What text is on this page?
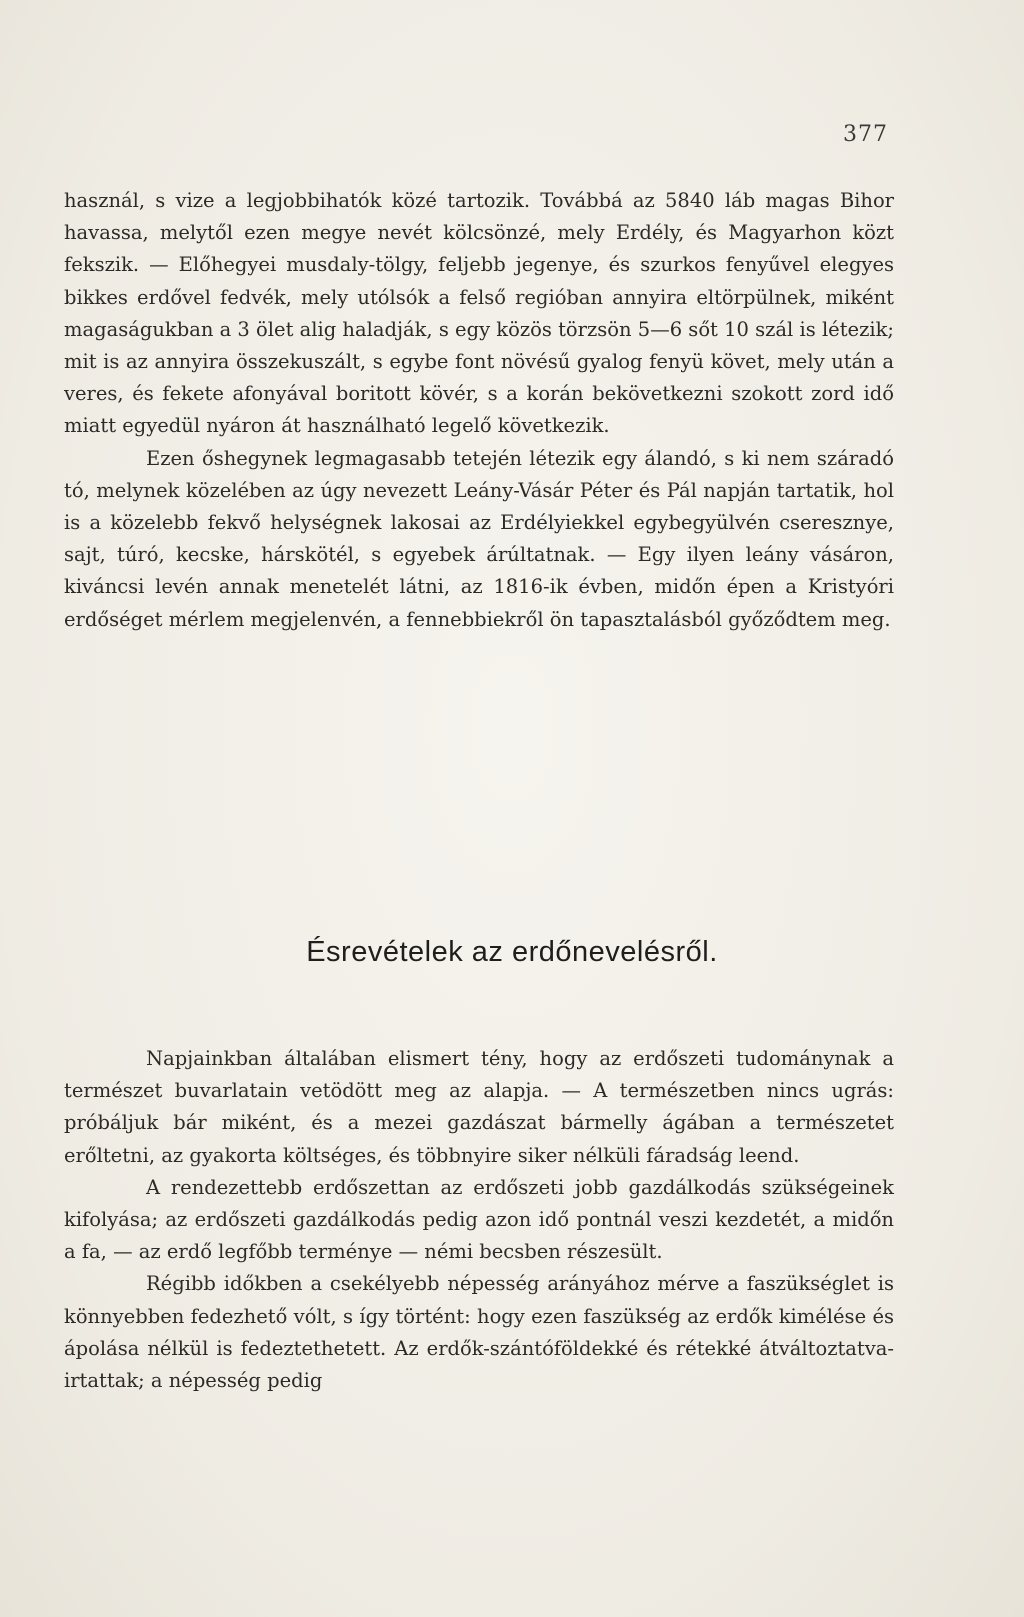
377

használ, s vize a legjobbihatók közé tartozik. Továbbá az 5840 láb magas Bihor havassa, melytől ezen megye nevét kölcsönzé, mely Erdély, és Magyarhon közt fekszik. — Előhegyei musdaly-tölgy, feljebb jegenye, és szurkos fenyűvel elegyes bikkes erdővel fedvék, mely utólsók a felső regióban annyira eltörpülnek, miként magaságukban a 3 ölet alig haladják, s egy közös törzsön 5—6 sőt 10 szál is létezik; mit is az annyira összekuszált, s egybe font növésű gyalog fenyü követ, mely után a veres, és fekete afonyával boritott kövér, s a korán bekövetkezni szokott zord idő miatt egyedül nyáron át használható legelő következik.

Ezen őshegynek legmagasabb tetején létezik egy álandó, s ki nem száradó tó, melynek közelében az úgy nevezett Leány-Vásár Péter és Pál napján tartatik, hol is a közelebb fekvő helységnek lakosai az Erdélyiekkel egybegyülvén cseresznye, sajt, túró, kecske, hárskötél, s egyebek árúltatnak. — Egy ilyen leány vásáron, kiváncsi levén annak menetelét látni, az 1816-ik évben, midőn épen a Kristyóri erdőséget mérlem megjelenvén, a fennebbiekről ön tapasztalásból győződtem meg.

Ésrevételek az erdőnevelésről.

Napjainkban általában elismert tény, hogy az erdőszeti tudománynak a természet buvarlatain vetödött meg az alapja. — A természetben nincs ugrás: próbáljuk bár miként, és a mezei gazdászat bármelly ágában a természetet erőltetni, az gyakorta költséges, és többnyire siker nélküli fáradság leend.

A rendezettebb erdőszettan az erdőszeti jobb gazdálkodás szükségeinek kifolyása; az erdőszeti gazdálkodás pedig azon idő pontnál veszi kezdetét, a midőn a fa, — az erdő legfőbb terménye — némi becsben részesült.

Régibb időkben a csekélyebb népesség arányához mérve a faszükséglet is könnyebben fedezhető vólt, s így történt: hogy ezen faszükség az erdők kimélése és ápolása nélkül is fedeztethetett. Az erdők-szántóföldekké és rétekké átváltoztatva-irtattak; a népesség pedig
